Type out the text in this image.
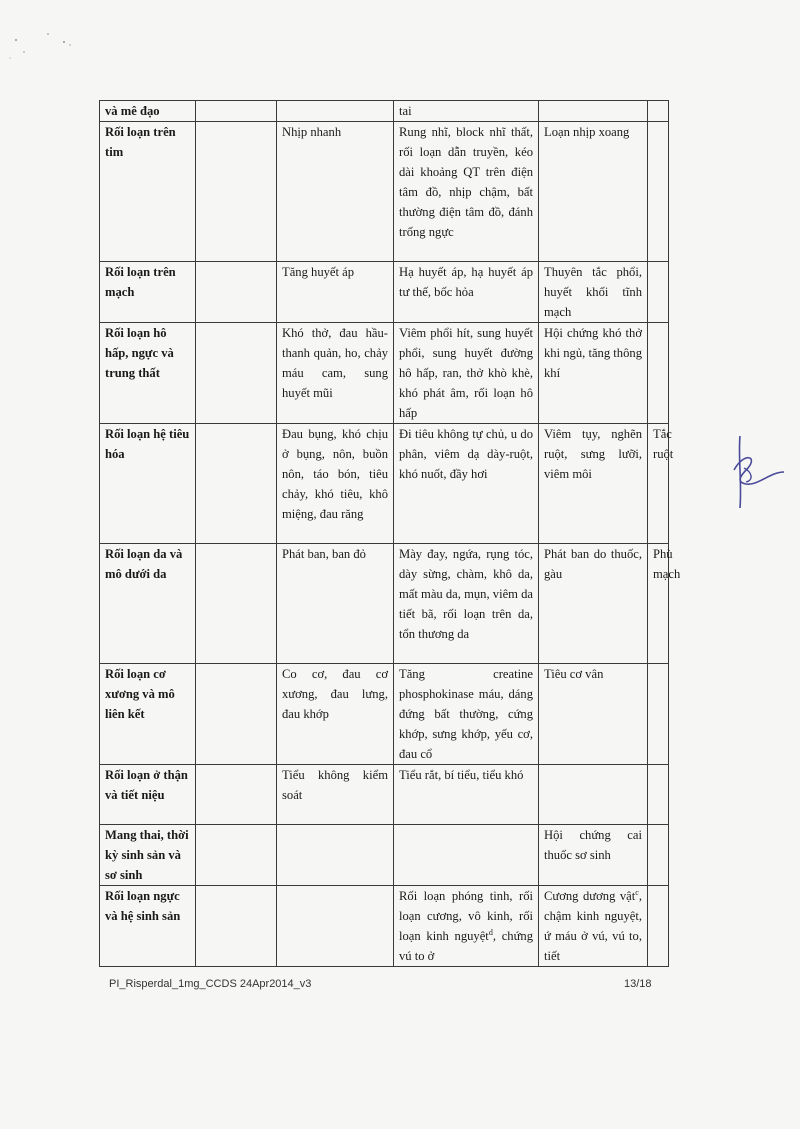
và mê đạo			tai		
Rối loạn trên tim		Nhịp nhanh	Rung nhĩ, block nhĩ thất, rối loạn dẫn truyền, kéo dài khoảng QT trên điện tâm đồ, nhịp chậm, bất thường điện tâm đồ, đánh trống ngực	Loạn nhịp xoang	
Rối loạn trên mạch		Tăng huyết áp	Hạ huyết áp, hạ huyết áp tư thế, bốc hỏa	Thuyên tắc phổi, huyết khối tĩnh mạch	
Rối loạn hô hấp, ngực và trung thất		Khó thở, đau hầu-thanh quản, ho, chảy máu cam, sung huyết mũi	Viêm phổi hít, sung huyết phổi, sung huyết đường hô hấp, ran, thở khò khè, khó phát âm, rối loạn hô hấp	Hội chứng khó thở khi ngủ, tăng thông khí	
Rối loạn hệ tiêu hóa		Đau bụng, khó chịu ở bụng, nôn, buồn nôn, táo bón, tiêu chảy, khó tiêu, khô miệng, đau răng	Đi tiêu không tự chủ, u do phân, viêm dạ dày-ruột, khó nuốt, đầy hơi	Viêm tụy, nghẽn ruột, sưng lưỡi, viêm môi	Tắc ruột
Rối loạn da và mô dưới da		Phát ban, ban đỏ	Mày đay, ngứa, rụng tóc, dày sừng, chàm, khô da, mất màu da, mụn, viêm da tiết bã, rối loạn trên da, tổn thương da	Phát ban do thuốc, gàu	Phù mạch
Rối loạn cơ xương và mô liên kết		Co cơ, đau cơ xương, đau lưng, đau khớp	Tăng creatine phosphokinase máu, dáng đứng bất thường, cứng khớp, sưng khớp, yếu cơ, đau cổ	Tiêu cơ vân	
Rối loạn ở thận và tiết niệu		Tiểu không kiểm soát	Tiểu rắt, bí tiểu, tiểu khó		
Mang thai, thời kỳ sinh sản và sơ sinh				Hội chứng cai thuốc sơ sinh	
Rối loạn ngực và hệ sinh sản			Rối loạn phóng tinh, rối loạn cương, vô kinh, rối loạn kinh nguyệt$^d$, chứng vú to ở	Cương dương vật$^c$, chậm kinh nguyệt, ứ máu ở vú, vú to, tiết	
PI_Risperdal_1mg_CCDS 24Apr2014_v3	13/18
